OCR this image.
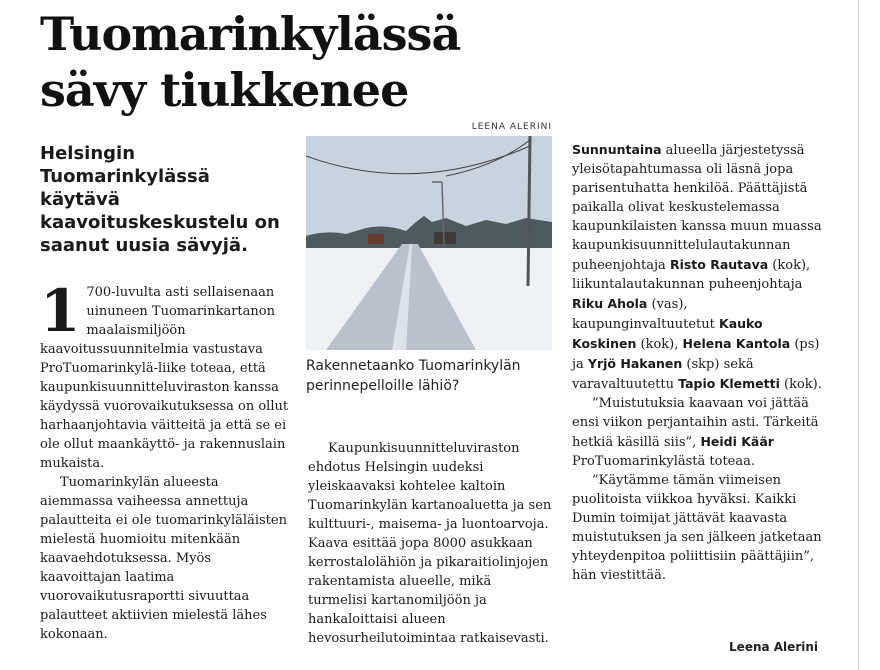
Tuomarinkylässä
sävy tiukkenee
LEENA ALERINI

Helsingin Tuomarinkylässä käytävä kaavoituskeskustelu on saanut uusia sävyjä.

Rakennetaanko Tuomarinkylän perinnepelloille lähiö?

1 700-luvulta asti sellaisenaan uinuneen Tuomarinkartanon maalaismiljöön kaavoitussuunnitelmia vastustava ProTuomarinkylä-liike toteaa, että kaupunkisuunnitteluviraston kanssa käydyssä vuorovaikutuksessa on ollut harhaanjohtavia väitteitä ja että se ei ole ollut maankäyttö- ja rakennuslain mukaista.

Tuomarinkylän alueesta aiemmassa vaiheessa annettuja palautteita ei ole tuomarinkyläläisten mielestä huomioitu mitenkään kaavaehdotuksessa. Myös kaavoittajan laatima vuorovaikutusraportti sivuuttaa palautteet aktiivien mielestä lähes kokonaan.

Kaupunkisuunnitteluviraston ehdotus Helsingin uudeksi yleiskaavaksi kohtelee kaltoin Tuomarinkylän kartanoaluetta ja sen kulttuuri-, maisema- ja luontoarvoja. Kaava esittää jopa 8000 asukkaan kerrostalolähiön ja pikaraitiolinjojen rakentamista alueelle, mikä turmelisi kartanomiljöön ja hankaloittaisi alueen hevosurheilutoimintaa ratkaisevasti.

Sunnuntaina alueella järjestetyssä yleisötapahtumassa oli läsnä jopa parisentuhatta henkilöä. Päättäjistä paikalla olivat keskustelemassa kaupunkilaisten kanssa muun muassa kaupunkisuunnittelulautakunnan puheenjohtaja Risto Rautava (kok), liikuntalautakunnan puheenjohtaja Riku Ahola (vas), kaupunginvaltuutetut Kauko Koskinen (kok), Helena Kantola (ps) ja Yrjö Hakanen (skp) sekä varavaltuutettu Tapio Klemetti (kok).

”Muistutuksia kaavaan voi jättää ensi viikon perjantaihin asti. Tärkeitä hetkiä käsillä siis”, Heidi Käär ProTuomarinkylästä toteaa.

”Käytämme tämän viimeisen puolitoista viikkoa hyväksi. Kaikki Dumin toimijat jättävät kaavasta muistutuksen ja sen jälkeen jatketaan yhteydenpitoa poliittisiin päättäjiin”, hän viestittää.

Leena Alerini
